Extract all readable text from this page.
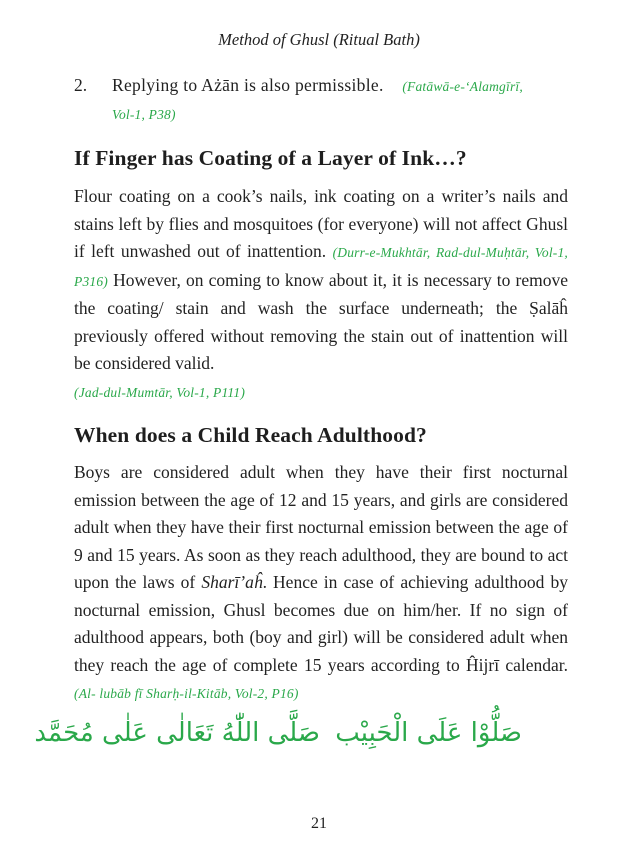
Method of Ghusl (Ritual Bath)
2. Replying to Ażān is also permissible. (Fatāwā-e-‘Alamgīrī,
Vol-1, P38)
If Finger has Coating of a Layer of Ink…?

Flour coating on a cook’s nails, ink coating on a writer’s nails and stains left by flies and mosquitoes (for everyone) will not affect Ghusl if left unwashed out of inattention. (Durr-e-Mukhtār, Rad-dul-Muḥtār, Vol-1, P316) However, on coming to know about it, it is necessary to remove the coating/ stain and wash the surface underneath; the Ṣalāĥ previously offered without removing the stain out of inattention will be considered valid.
(Jad-dul-Mumtār, Vol-1, P111)

When does a Child Reach Adulthood?

Boys are considered adult when they have their first nocturnal emission between the age of 12 and 15 years, and girls are considered adult when they have their first nocturnal emission between the age of 9 and 15 years. As soon as they reach adulthood, they are bound to act upon the laws of Sharī’aĥ. Hence in case of achieving adulthood by nocturnal emission, Ghusl becomes due on him/her. If no sign of adulthood appears, both (boy and girl) will be considered adult when they reach the age of complete 15 years according to Ĥijrī calendar. (Al- lubāb fī Sharḥ-il-Kitāb, Vol-2, P16)

صَلَّى اللّٰهُ تَعَالٰی عَلٰی مُحَمَّد صَلُّوْا عَلَی الْحَبِیْب
21
